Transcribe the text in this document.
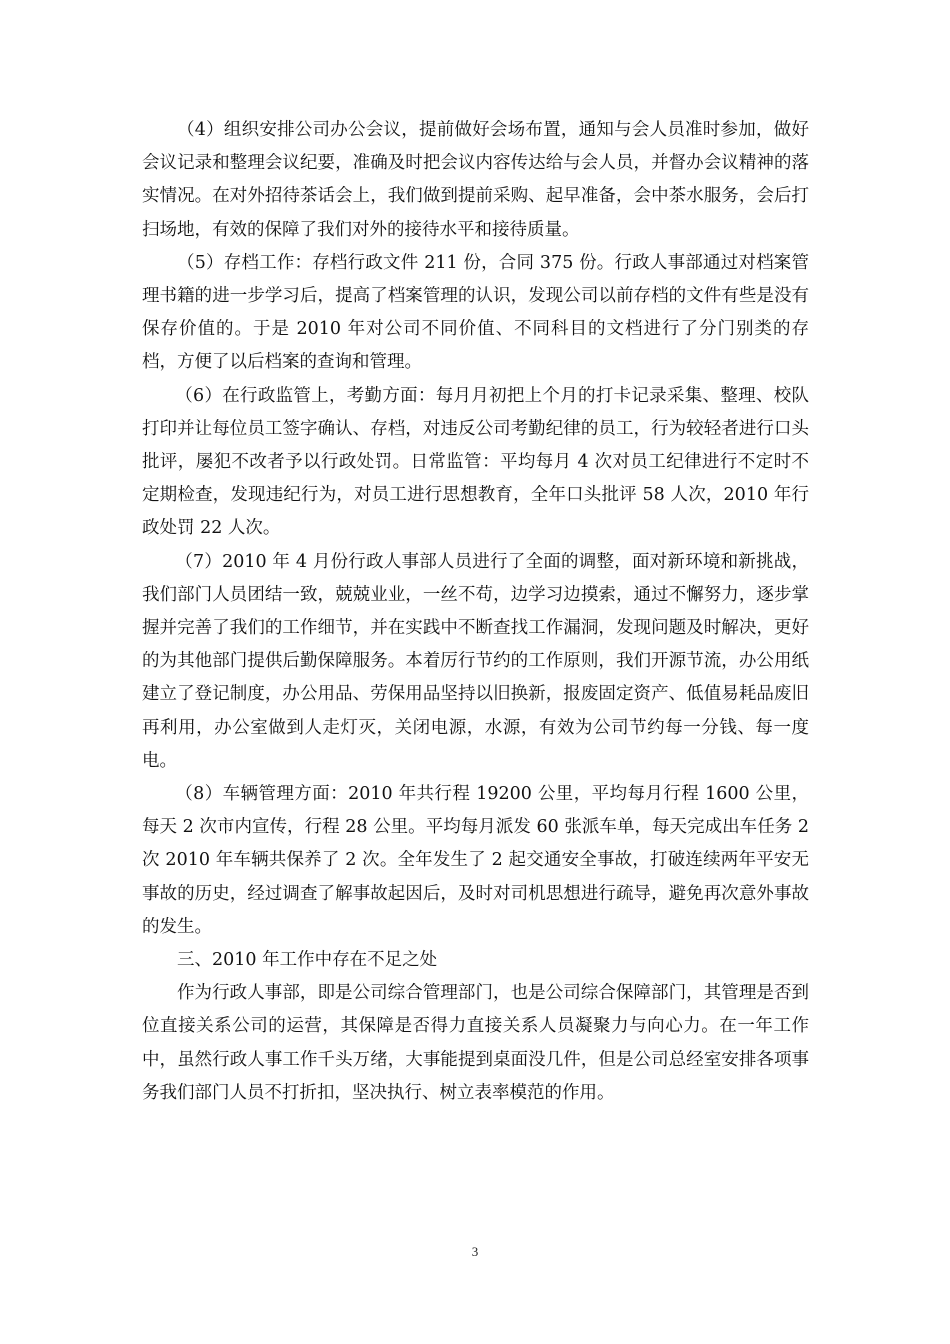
（4）组织安排公司办公会议，提前做好会场布置，通知与会人员准时参加，做好会议记录和整理会议纪要，准确及时把会议内容传达给与会人员，并督办会议精神的落实情况。在对外招待茶话会上，我们做到提前采购、起早准备，会中茶水服务，会后打扫场地，有效的保障了我们对外的接待水平和接待质量。

（5）存档工作：存档行政文件 211 份，合同 375 份。行政人事部通过对档案管理书籍的进一步学习后，提高了档案管理的认识，发现公司以前存档的文件有些是没有保存价值的。于是 2010 年对公司不同价值、不同科目的文档进行了分门别类的存档，方便了以后档案的查询和管理。

（6）在行政监管上，考勤方面：每月月初把上个月的打卡记录采集、整理、校队打印并让每位员工签字确认、存档，对违反公司考勤纪律的员工，行为较轻者进行口头批评，屡犯不改者予以行政处罚。日常监管：平均每月 4 次对员工纪律进行不定时不定期检查，发现违纪行为，对员工进行思想教育，全年口头批评 58 人次，2010 年行政处罚 22 人次。

（7）2010 年 4 月份行政人事部人员进行了全面的调整，面对新环境和新挑战，我们部门人员团结一致，兢兢业业，一丝不苟，边学习边摸索，通过不懈努力，逐步掌握并完善了我们的工作细节，并在实践中不断查找工作漏洞，发现问题及时解决，更好的为其他部门提供后勤保障服务。本着厉行节约的工作原则，我们开源节流，办公用纸建立了登记制度，办公用品、劳保用品坚持以旧换新，报废固定资产、低值易耗品废旧再利用，办公室做到人走灯灭，关闭电源，水源，有效为公司节约每一分钱、每一度电。

（8）车辆管理方面：2010 年共行程 19200 公里，平均每月行程 1600 公里，每天 2 次市内宣传，行程 28 公里。平均每月派发 60 张派车单，每天完成出车任务 2 次 2010 年车辆共保养了 2 次。全年发生了 2 起交通安全事故，打破连续两年平安无事故的历史，经过调查了解事故起因后，及时对司机思想进行疏导，避免再次意外事故的发生。

三、2010 年工作中存在不足之处

作为行政人事部，即是公司综合管理部门，也是公司综合保障部门，其管理是否到位直接关系公司的运营，其保障是否得力直接关系人员凝聚力与向心力。在一年工作中，虽然行政人事工作千头万绪，大事能提到桌面没几件，但是公司总经室安排各项事务我们部门人员不打折扣，坚决执行、树立表率模范的作用。

3
